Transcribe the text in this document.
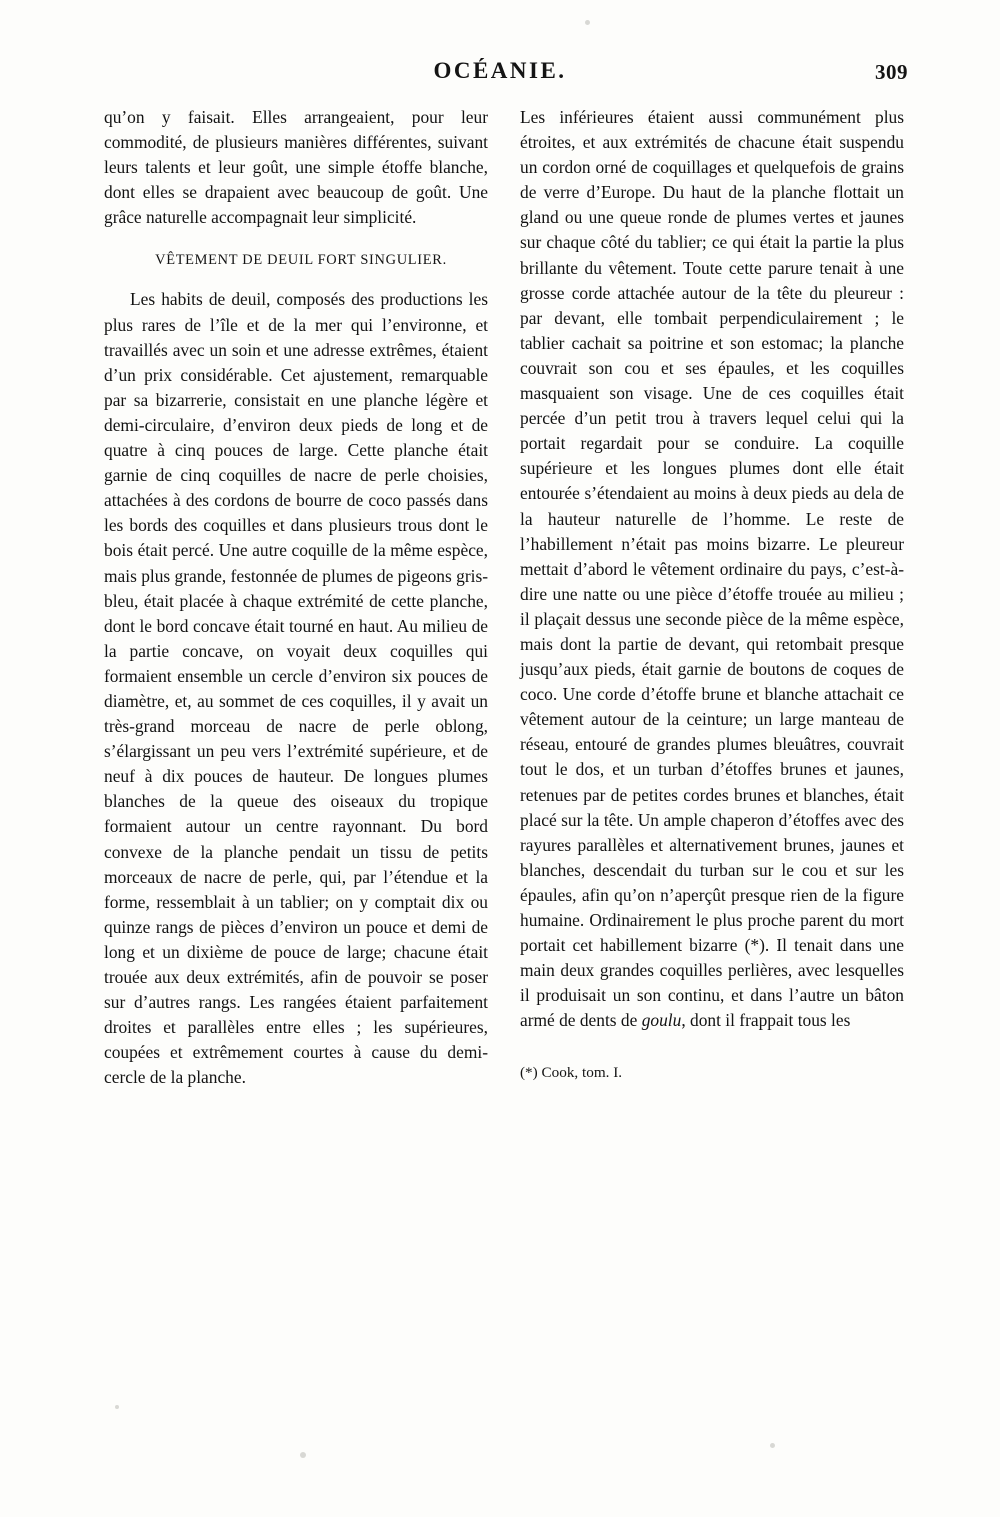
OCÉANIE.	309

qu’on y faisait. Elles arrangeaient, pour leur commodité, de plusieurs manières différentes, suivant leurs talents et leur goût, une simple étoffe blanche, dont elles se drapaient avec beaucoup de goût. Une grâce naturelle accompagnait leur simplicité.

VÊTEMENT DE DEUIL FORT SINGULIER.

Les habits de deuil, composés des productions les plus rares de l’île et de la mer qui l’environne, et travaillés avec un soin et une adresse extrêmes, étaient d’un prix considérable. Cet ajustement, remarquable par sa bizarrerie, consistait en une planche légère et demi-circulaire, d’environ deux pieds de long et de quatre à cinq pouces de large. Cette planche était garnie de cinq coquilles de nacre de perle choisies, attachées à des cordons de bourre de coco passés dans les bords des coquilles et dans plusieurs trous dont le bois était percé. Une autre coquille de la même espèce, mais plus grande, festonnée de plumes de pigeons gris-bleu, était placée à chaque extrémité de cette planche, dont le bord concave était tourné en haut. Au milieu de la partie concave, on voyait deux coquilles qui formaient ensemble un cercle d’environ six pouces de diamètre, et, au sommet de ces coquilles, il y avait un très-grand morceau de nacre de perle oblong, s’élargissant un peu vers l’extrémité supérieure, et de neuf à dix pouces de hauteur. De longues plumes blanches de la queue des oiseaux du tropique formaient autour un centre rayonnant. Du bord convexe de la planche pendait un tissu de petits morceaux de nacre de perle, qui, par l’étendue et la forme, ressemblait à un tablier; on y comptait dix ou quinze rangs de pièces d’environ un pouce et demi de long et un dixième de pouce de large; chacune était trouée aux deux extrémités, afin de pouvoir se poser sur d’autres rangs. Les rangées étaient parfaitement droites et parallèles entre elles ; les supérieures, coupées et extrêmement courtes à cause du demi-cercle de la planche.

Les inférieures étaient aussi communément plus étroites, et aux extrémités de chacune était suspendu un cordon orné de coquillages et quelquefois de grains de verre d’Europe. Du haut de la planche flottait un gland ou une queue ronde de plumes vertes et jaunes sur chaque côté du tablier; ce qui était la partie la plus brillante du vêtement. Toute cette parure tenait à une grosse corde attachée autour de la tête du pleureur : par devant, elle tombait perpendiculairement ; le tablier cachait sa poitrine et son estomac; la planche couvrait son cou et ses épaules, et les coquilles masquaient son visage. Une de ces coquilles était percée d’un petit trou à travers lequel celui qui la portait regardait pour se conduire. La coquille supérieure et les longues plumes dont elle était entourée s’étendaient au moins à deux pieds au dela de la hauteur naturelle de l’homme. Le reste de l’habillement n’était pas moins bizarre. Le pleureur mettait d’abord le vêtement ordinaire du pays, c’est-à-dire une natte ou une pièce d’étoffe trouée au milieu ; il plaçait dessus une seconde pièce de la même espèce, mais dont la partie de devant, qui retombait presque jusqu’aux pieds, était garnie de boutons de coques de coco. Une corde d’étoffe brune et blanche attachait ce vêtement autour de la ceinture; un large manteau de réseau, entouré de grandes plumes bleuâtres, couvrait tout le dos, et un turban d’étoffes brunes et jaunes, retenues par de petites cordes brunes et blanches, était placé sur la tête. Un ample chaperon d’étoffes avec des rayures parallèles et alternativement brunes, jaunes et blanches, descendait du turban sur le cou et sur les épaules, afin qu’on n’aperçût presque rien de la figure humaine. Ordinairement le plus proche parent du mort portait cet habillement bizarre (*). Il tenait dans une main deux grandes coquilles perlières, avec lesquelles il produisait un son continu, et dans l’autre un bâton armé de dents de goulu, dont il frappait tous les

(*) Cook, tom. I.
